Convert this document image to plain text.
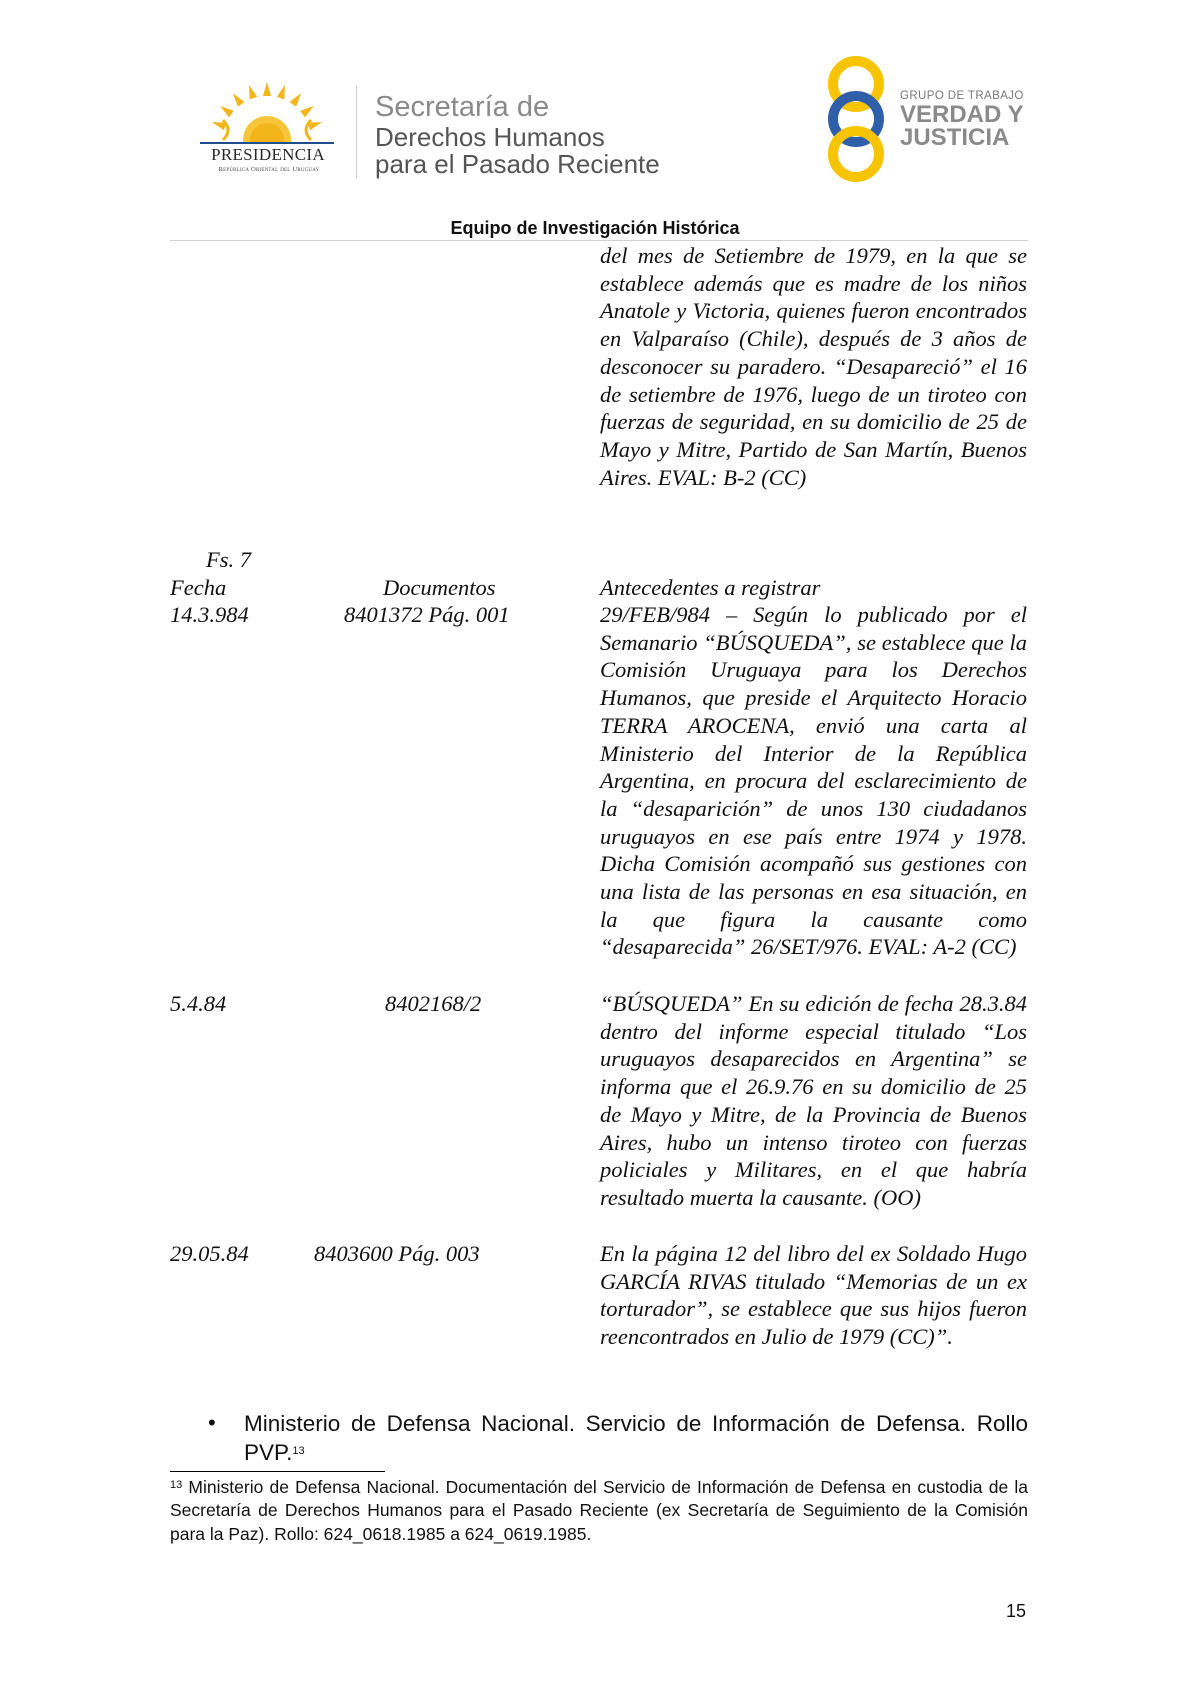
PRESIDENCIA
República Oriental del Uruguay
Secretaría de
Derechos Humanos
para el Pasado Reciente
GRUPO DE TRABAJO
VERDAD Y
JUSTICIA
Equipo de Investigación Histórica
del mes de Setiembre de 1979, en la que se establece además que es madre de los niños Anatole y Victoria, quienes fueron encontrados en Valparaíso (Chile), después de 3 años de desconocer su paradero. “Desapareció” el 16 de setiembre de 1976, luego de un tiroteo con fuerzas de seguridad, en su domicilio de 25 de Mayo y Mitre, Partido de San Martín, Buenos Aires. EVAL: B-2 (CC)
Fs. 7
Fecha	Documentos	Antecedentes a registrar
14.3.984	8401372 Pág. 001	29/FEB/984 – Según lo publicado por el Semanario “BÚSQUEDA”, se establece que la Comisión Uruguaya para los Derechos Humanos, que preside el Arquitecto Horacio TERRA AROCENA, envió una carta al Ministerio del Interior de la República Argentina, en procura del esclarecimiento de la “desaparición” de unos 130 ciudadanos uruguayos en ese país entre 1974 y 1978. Dicha Comisión acompañó sus gestiones con una lista de las personas en esa situación, en la que figura la causante como “desaparecida” 26/SET/976. EVAL: A-2 (CC)
5.4.84	8402168/2	“BÚSQUEDA” En su edición de fecha 28.3.84 dentro del informe especial titulado “Los uruguayos desaparecidos en Argentina” se informa que el 26.9.76 en su domicilio de 25 de Mayo y Mitre, de la Provincia de Buenos Aires, hubo un intenso tiroteo con fuerzas policiales y Militares, en el que habría resultado muerta la causante. (OO)
29.05.84	8403600 Pág. 003	En la página 12 del libro del ex Soldado Hugo GARCÍA RIVAS titulado “Memorias de un ex torturador”, se establece que sus hijos fueron reencontrados en Julio de 1979 (CC)”.
• Ministerio de Defensa Nacional. Servicio de Información de Defensa. Rollo PVP.$^{13}$
$^{13}$ Ministerio de Defensa Nacional. Documentación del Servicio de Información de Defensa en custodia de la Secretaría de Derechos Humanos para el Pasado Reciente (ex Secretaría de Seguimiento de la Comisión para la Paz). Rollo: 624_0618.1985 a 624_0619.1985.
15
